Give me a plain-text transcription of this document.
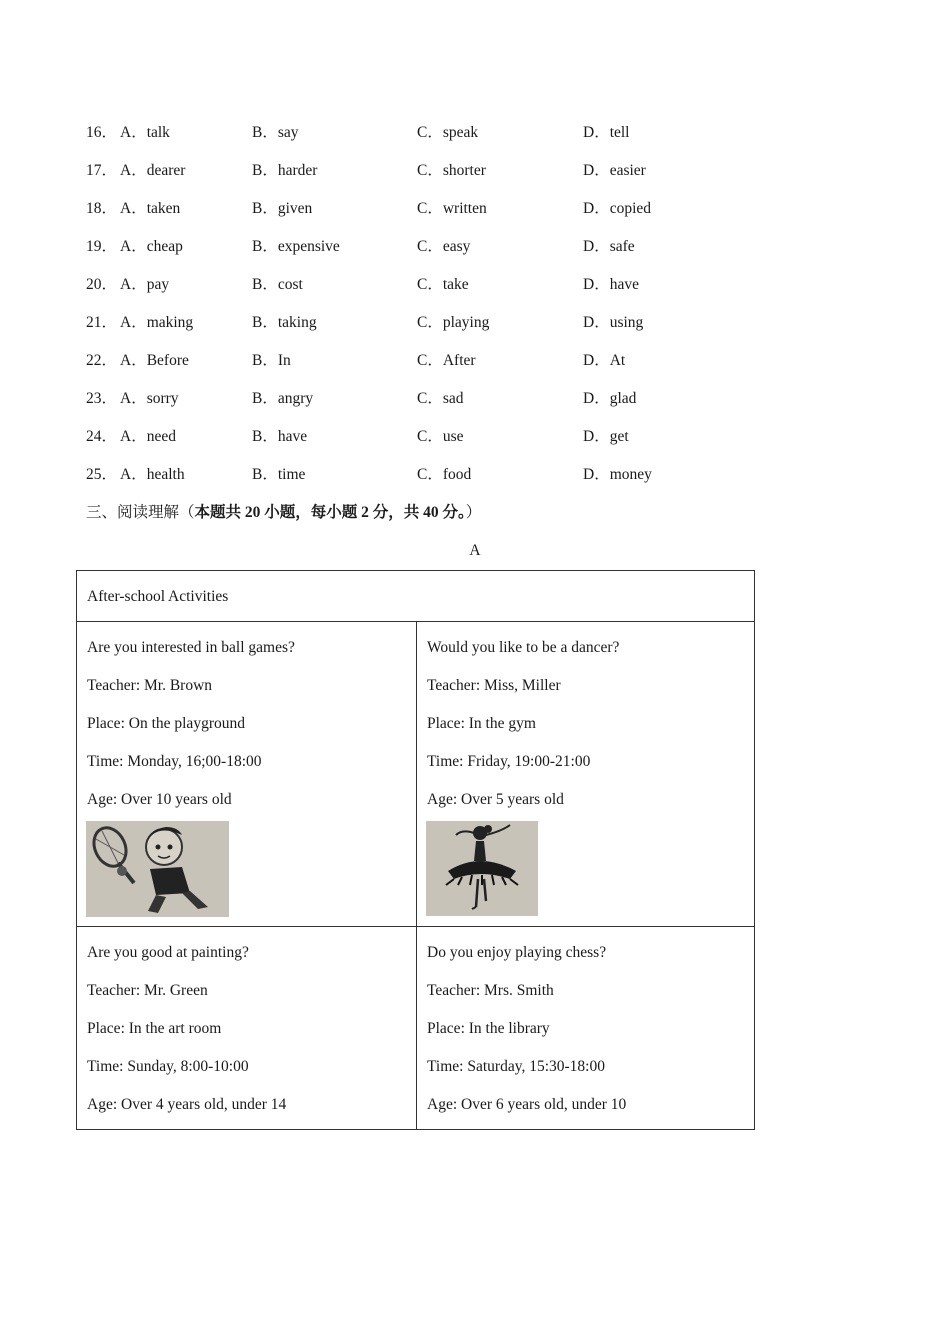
16． A．talk	B．say	C．speak	D．tell
17． A．dearer	B．harder	C．shorter	D．easier
18． A．taken	B．given	C．written	D．copied
19． A．cheap	B．expensive	C．easy	D．safe
20． A．pay	B．cost	C．take	D．have
21． A．making	B．taking	C．playing	D．using
22． A．Before	B．In	C．After	D．At
23． A．sorry	B．angry	C．sad	D．glad
24． A．need	B．have	C．use	D．get
25． A．health	B．time	C．food	D．money
三、阅读理解（本题共 20 小题，每小题 2 分，共 40 分。）
A
After-school Activities
Are you interested in ball games?
Teacher: Mr. Brown
Place: On the playground
Time: Monday, 16;00-18:00
Age: Over 10 years old
Would you like to be a dancer?
Teacher: Miss, Miller
Place: In the gym
Time: Friday, 19:00-21:00
Age: Over 5 years old
Are you good at painting?
Teacher: Mr. Green
Place: In the art room
Time: Sunday, 8:00-10:00
Age: Over 4 years old, under 14
Do you enjoy playing chess?
Teacher: Mrs. Smith
Place: In the library
Time: Saturday, 15:30-18:00
Age: Over 6 years old, under 10
